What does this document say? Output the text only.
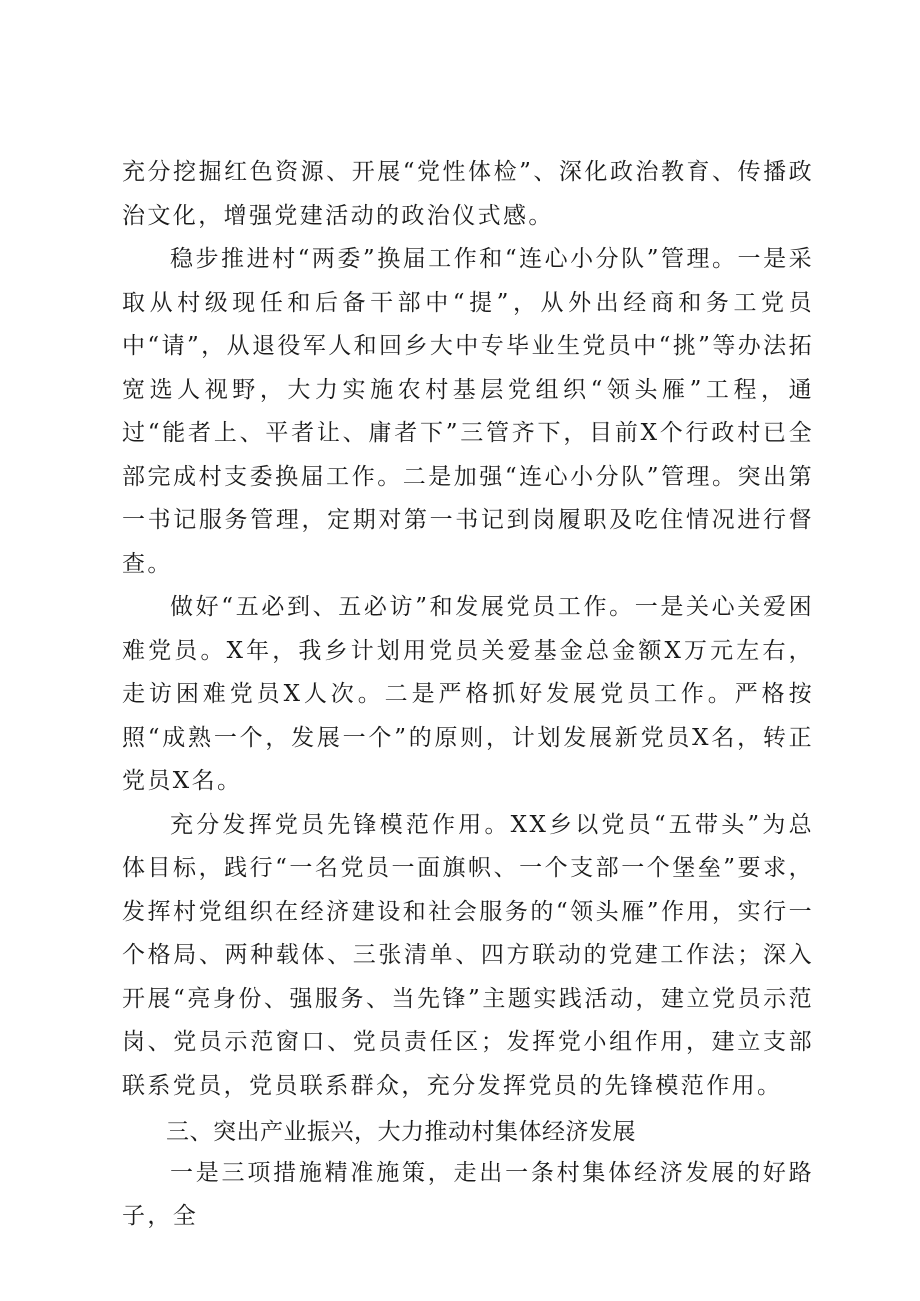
充分挖掘红色资源、开展“党性体检”、深化政治教育、传播政治文化，增强党建活动的政治仪式感。

稳步推进村“两委”换届工作和“连心小分队”管理。一是采取从村级现任和后备干部中“提”，从外出经商和务工党员中“请”，从退役军人和回乡大中专毕业生党员中“挑”等办法拓宽选人视野，大力实施农村基层党组织“领头雁”工程，通过“能者上、平者让、庸者下”三管齐下，目前X个行政村已全部完成村支委换届工作。二是加强“连心小分队”管理。突出第一书记服务管理，定期对第一书记到岗履职及吃住情况进行督查。

做好“五必到、五必访”和发展党员工作。一是关心关爱困难党员。X年，我乡计划用党员关爱基金总金额X万元左右，走访困难党员X人次。二是严格抓好发展党员工作。严格按照“成熟一个，发展一个”的原则，计划发展新党员X名，转正党员X名。

充分发挥党员先锋模范作用。XX乡以党员“五带头”为总体目标，践行“一名党员一面旗帜、一个支部一个堡垒”要求，发挥村党组织在经济建设和社会服务的“领头雁”作用，实行一个格局、两种载体、三张清单、四方联动的党建工作法；深入开展“亮身份、强服务、当先锋”主题实践活动，建立党员示范岗、党员示范窗口、党员责任区；发挥党小组作用，建立支部联系党员，党员联系群众，充分发挥党员的先锋模范作用。

三、突出产业振兴，大力推动村集体经济发展

一是三项措施精准施策，走出一条村集体经济发展的好路子，全
